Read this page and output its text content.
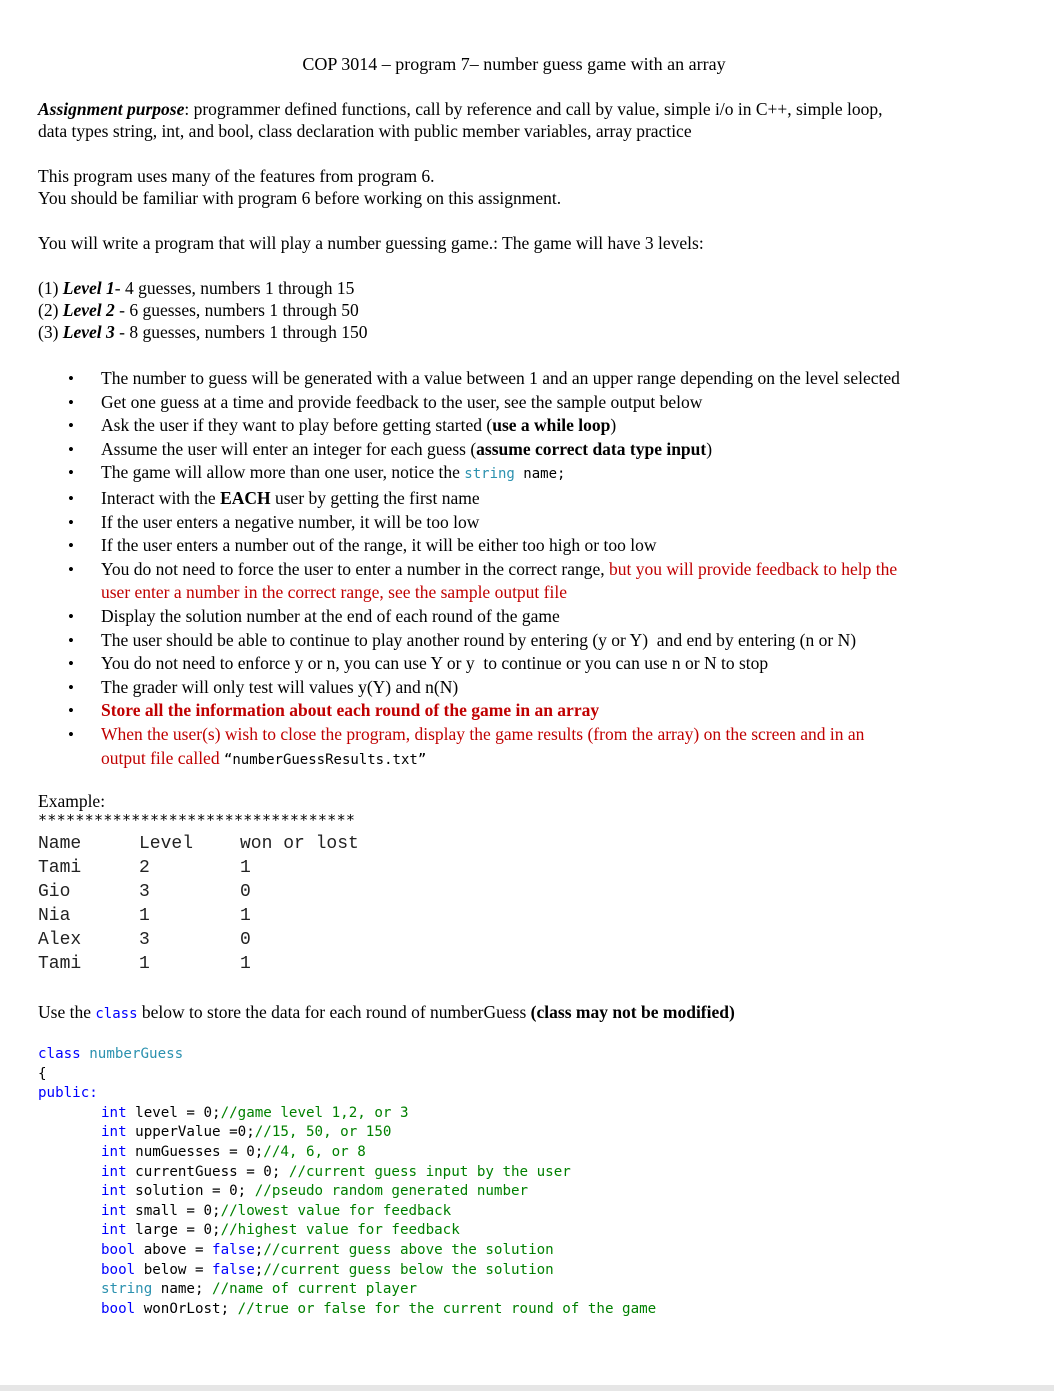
COP 3014 – program 7– number guess game with an array
Assignment purpose: programmer defined functions, call by reference and call by value, simple i/o in C++, simple loop,
data types string, int, and bool, class declaration with public member variables, array practice
This program uses many of the features from program 6.
You should be familiar with program 6 before working on this assignment.
You will write a program that will play a number guessing game.: The game will have 3 levels:
(1) Level 1- 4 guesses, numbers 1 through 15
(2) Level 2 - 6 guesses, numbers 1 through 50
(3) Level 3 - 8 guesses, numbers 1 through 150
• The number to guess will be generated with a value between 1 and an upper range depending on the level selected
• Get one guess at a time and provide feedback to the user, see the sample output below
• Ask the user if they want to play before getting started (use a while loop)
• Assume the user will enter an integer for each guess (assume correct data type input)
• The game will allow more than one user, notice the string name;
• Interact with the EACH user by getting the first name
• If the user enters a negative number, it will be too low
• If the user enters a number out of the range, it will be either too high or too low
• You do not need to force the user to enter a number in the correct range, but you will provide feedback to help the
user enter a number in the correct range, see the sample output file
• Display the solution number at the end of each round of the game
• The user should be able to continue to play another round by entering (y or Y)  and end by entering (n or N)
• You do not need to enforce y or n, you can use Y or y  to continue or you can use n or N to stop
• The grader will only test will values y(Y) and n(N)
• Store all the information about each round of the game in an array
• When the user(s) wish to close the program, display the game results (from the array) on the screen and in an
output file called “numberGuessResults.txt”
Example:
**********************************
Name	Level	won or lost
Tami	2	1
Gio	3	0
Nia	1	1
Alex	3	0
Tami	1	1
Use the class below to store the data for each round of numberGuess (class may not be modified)
class numberGuess
{
public:
int level = 0;//game level 1,2, or 3
int upperValue =0;//15, 50, or 150
int numGuesses = 0;//4, 6, or 8
int currentGuess = 0; //current guess input by the user
int solution = 0; //pseudo random generated number
int small = 0;//lowest value for feedback
int large = 0;//highest value for feedback
bool above = false;//current guess above the solution
bool below = false;//current guess below the solution
string name; //name of current player
bool wonOrLost; //true or false for the current round of the game
